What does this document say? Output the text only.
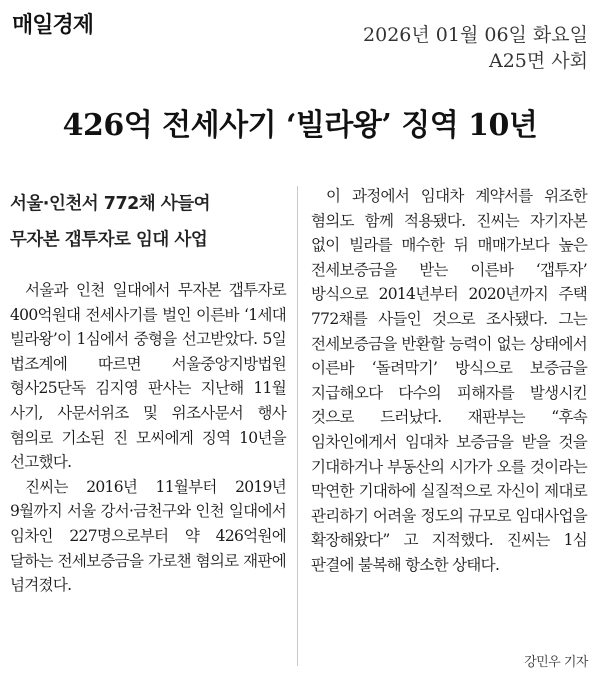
매일경제	2026년 01월 06일 화요일
A25면 사회
426억 전세사기 ‘빌라왕’ 징역 10년
서울·인천서 772채 사들여
무자본 갭투자로 임대 사업

서울과 인천 일대에서 무자본 갭투자로 400억원대 전세사기를 벌인 이른바 ‘1세대 빌라왕’이 1심에서 중형을 선고받았다. 5일 법조계에 따르면 서울중앙지방법원 형사25단독 김지영 판사는 지난해 11월 사기, 사문서위조 및 위조사문서 행사 혐의로 기소된 진 모씨에게 징역 10년을 선고했다.

진씨는 2016년 11월부터 2019년 9월까지 서울 강서·금천구와 인천 일대에서 임차인 227명으로부터 약 426억원에 달하는 전세보증금을 가로챈 혐의로 재판에 넘겨졌다.

이 과정에서 임대차 계약서를 위조한 혐의도 함께 적용됐다. 진씨는 자기자본 없이 빌라를 매수한 뒤 매매가보다 높은 전세보증금을 받는 이른바 ‘갭투자’ 방식으로 2014년부터 2020년까지 주택 772채를 사들인 것으로 조사됐다. 그는 전세보증금을 반환할 능력이 없는 상태에서 이른바 ‘돌려막기’ 방식으로 보증금을 지급해오다 다수의 피해자를 발생시킨 것으로 드러났다. 재판부는 “후속 임차인에게서 임대차 보증금을 받을 것을 기대하거나 부동산의 시가가 오를 것이라는 막연한 기대하에 실질적으로 자신이 제대로 관리하기 어려울 정도의 규모로 임대사업을 확장해왔다” 고 지적했다. 진씨는 1심 판결에 불복해 항소한 상태다.

강민우 기자
